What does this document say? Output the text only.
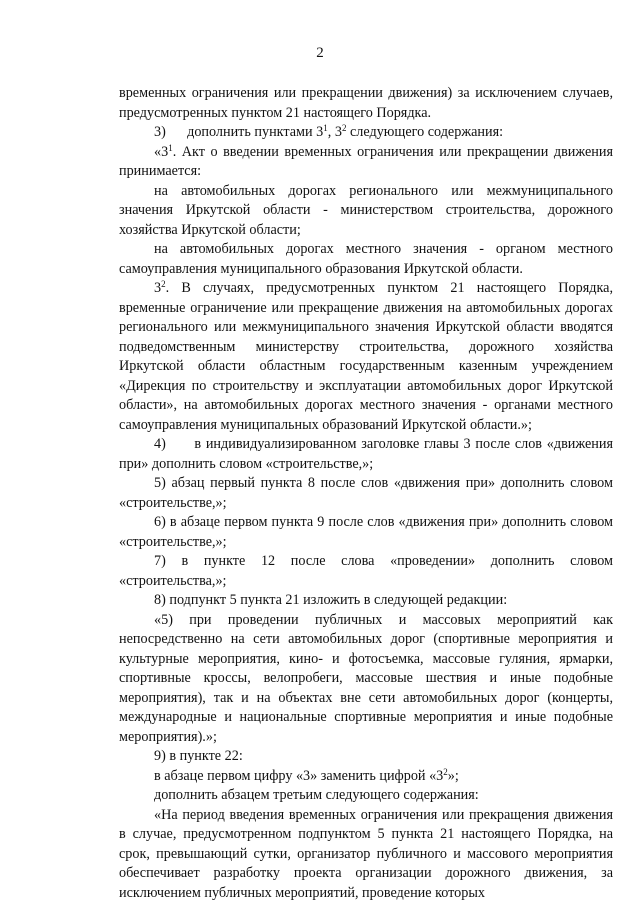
2

временных ограничения или прекращении движения) за исключением случаев, предусмотренных пунктом 21 настоящего Порядка.

3)      дополнить пунктами $3^1$, $3^2$ следующего содержания:

«$3^1$. Акт о введении временных ограничения или прекращении движения принимается:

на автомобильных дорогах регионального или межмуниципального значения Иркутской области - министерством строительства, дорожного хозяйства Иркутской области;

на автомобильных дорогах местного значения - органом местного самоуправления муниципального образования Иркутской области.

$3^2$. В случаях, предусмотренных пунктом 21 настоящего Порядка, временные ограничение или прекращение движения на автомобильных дорогах регионального или межмуниципального значения Иркутской области вводятся подведомственным министерству строительства, дорожного хозяйства Иркутской области областным государственным казенным учреждением «Дирекция по строительству и эксплуатации автомобильных дорог Иркутской области», на автомобильных дорогах местного значения - органами местного самоуправления муниципальных образований Иркутской области.»;

4)      в индивидуализированном заголовке главы 3 после слов «движения при» дополнить словом «строительстве,»;

5) абзац первый пункта 8 после слов «движения при» дополнить словом «строительстве,»;

6) в абзаце первом пункта 9 после слов «движения при» дополнить словом «строительстве,»;

7) в пункте 12 после слова «проведении» дополнить словом «строительства,»;

8) подпункт 5 пункта 21 изложить в следующей редакции:

«5) при проведении публичных и массовых мероприятий как непосредственно на сети автомобильных дорог (спортивные мероприятия и культурные мероприятия, кино- и фотосъемка, массовые гуляния, ярмарки, спортивные кроссы, велопробеги, массовые шествия и иные подобные мероприятия), так и на объектах вне сети автомобильных дорог (концерты, международные и национальные спортивные мероприятия и иные подобные мероприятия).»;

9) в пункте 22:

в абзаце первом цифру «3» заменить цифрой «$3^2$»;

дополнить абзацем третьим следующего содержания:

«На период введения временных ограничения или прекращения движения в случае, предусмотренном подпунктом 5 пункта 21 настоящего Порядка, на срок, превышающий сутки, организатор публичного и массового мероприятия обеспечивает разработку проекта организации дорожного движения, за исключением публичных мероприятий, проведение которых
